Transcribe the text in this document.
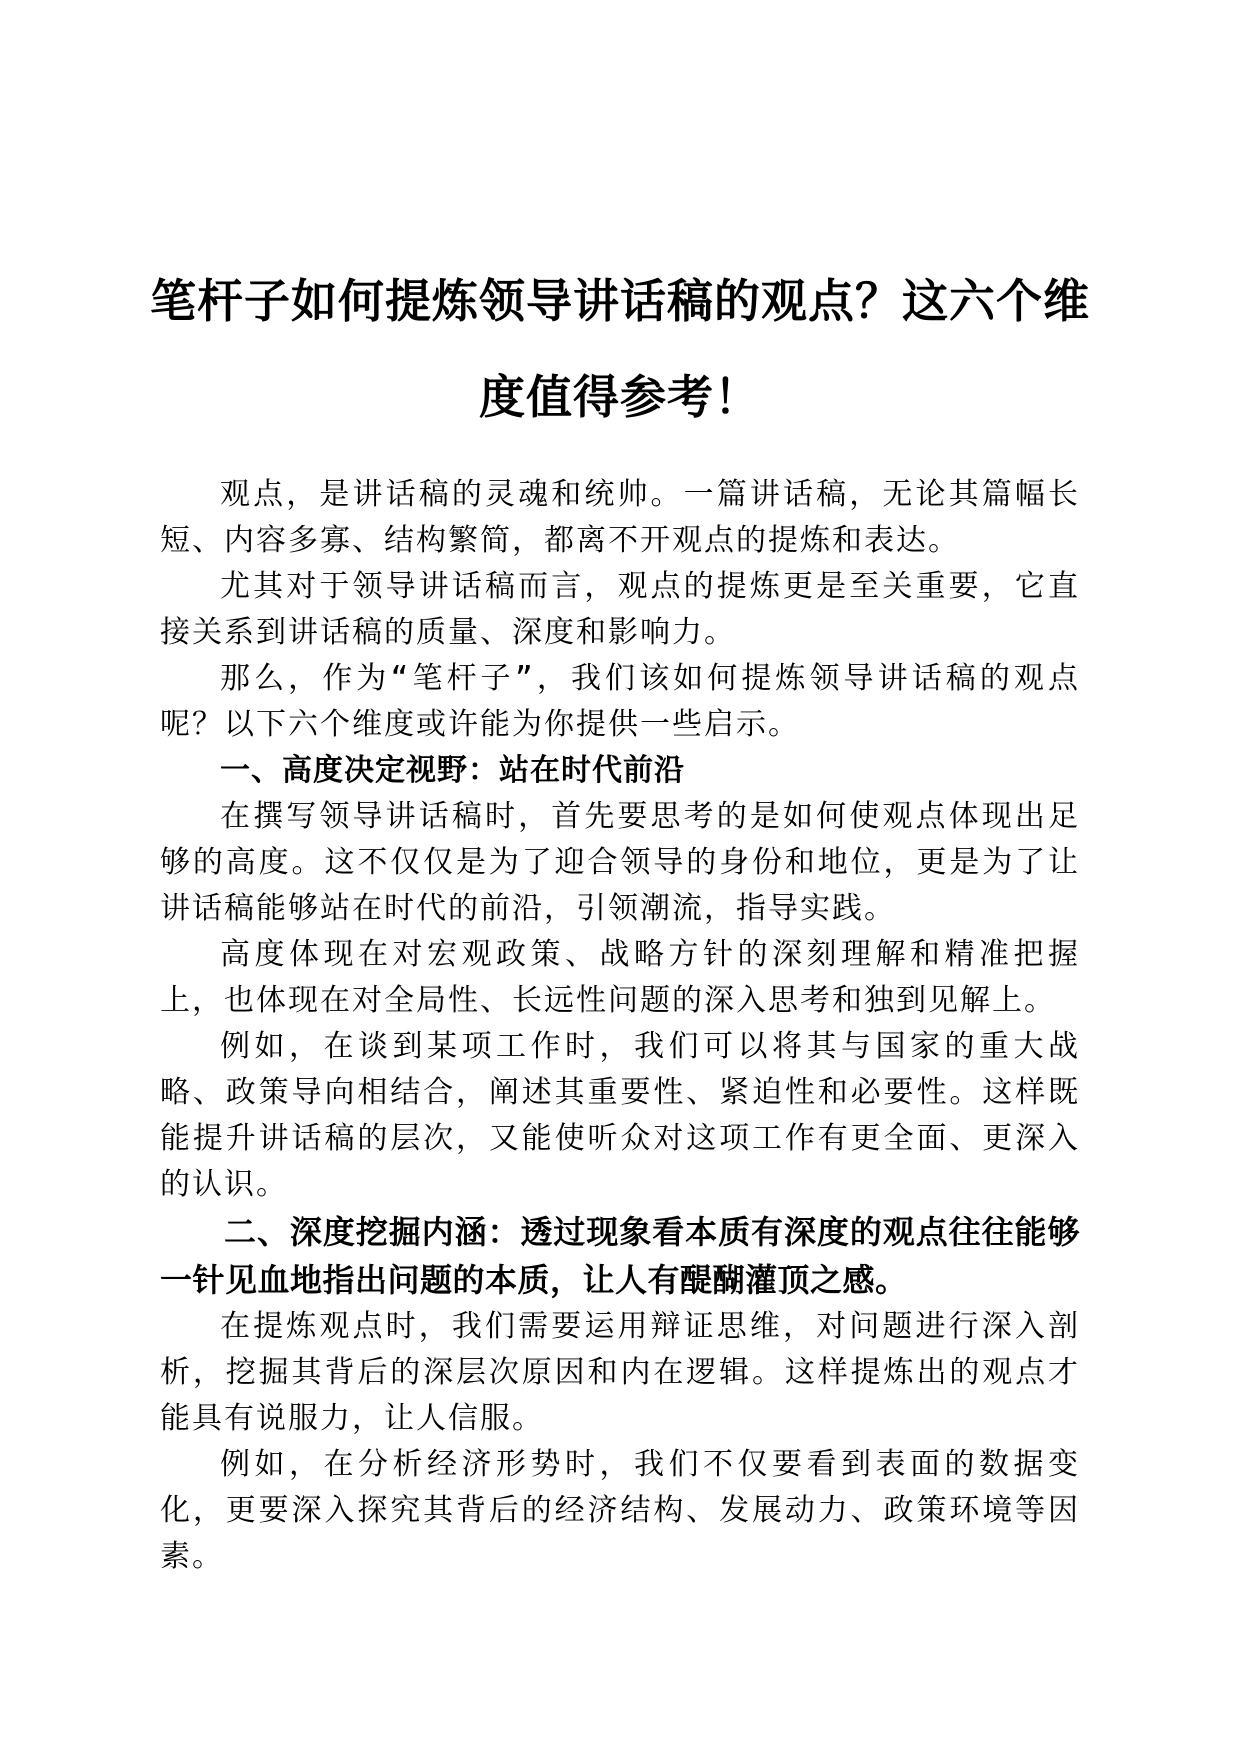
笔杆子如何提炼领导讲话稿的观点？这六个维
度值得参考！

观点，是讲话稿的灵魂和统帅。一篇讲话稿，无论其篇幅长短、内容多寡、结构繁简，都离不开观点的提炼和表达。

尤其对于领导讲话稿而言，观点的提炼更是至关重要，它直接关系到讲话稿的质量、深度和影响力。

那么，作为“笔杆子”，我们该如何提炼领导讲话稿的观点呢？以下六个维度或许能为你提供一些启示。

一、高度决定视野：站在时代前沿

在撰写领导讲话稿时，首先要思考的是如何使观点体现出足够的高度。这不仅仅是为了迎合领导的身份和地位，更是为了让讲话稿能够站在时代的前沿，引领潮流，指导实践。

高度体现在对宏观政策、战略方针的深刻理解和精准把握上，也体现在对全局性、长远性问题的深入思考和独到见解上。

例如，在谈到某项工作时，我们可以将其与国家的重大战略、政策导向相结合，阐述其重要性、紧迫性和必要性。这样既能提升讲话稿的层次，又能使听众对这项工作有更全面、更深入的认识。

二、深度挖掘内涵：透过现象看本质有深度的观点往往能够一针见血地指出问题的本质，让人有醍醐灌顶之感。

在提炼观点时，我们需要运用辩证思维，对问题进行深入剖析，挖掘其背后的深层次原因和内在逻辑。这样提炼出的观点才能具有说服力，让人信服。

例如，在分析经济形势时，我们不仅要看到表面的数据变化，更要深入探究其背后的经济结构、发展动力、政策环境等因素。
